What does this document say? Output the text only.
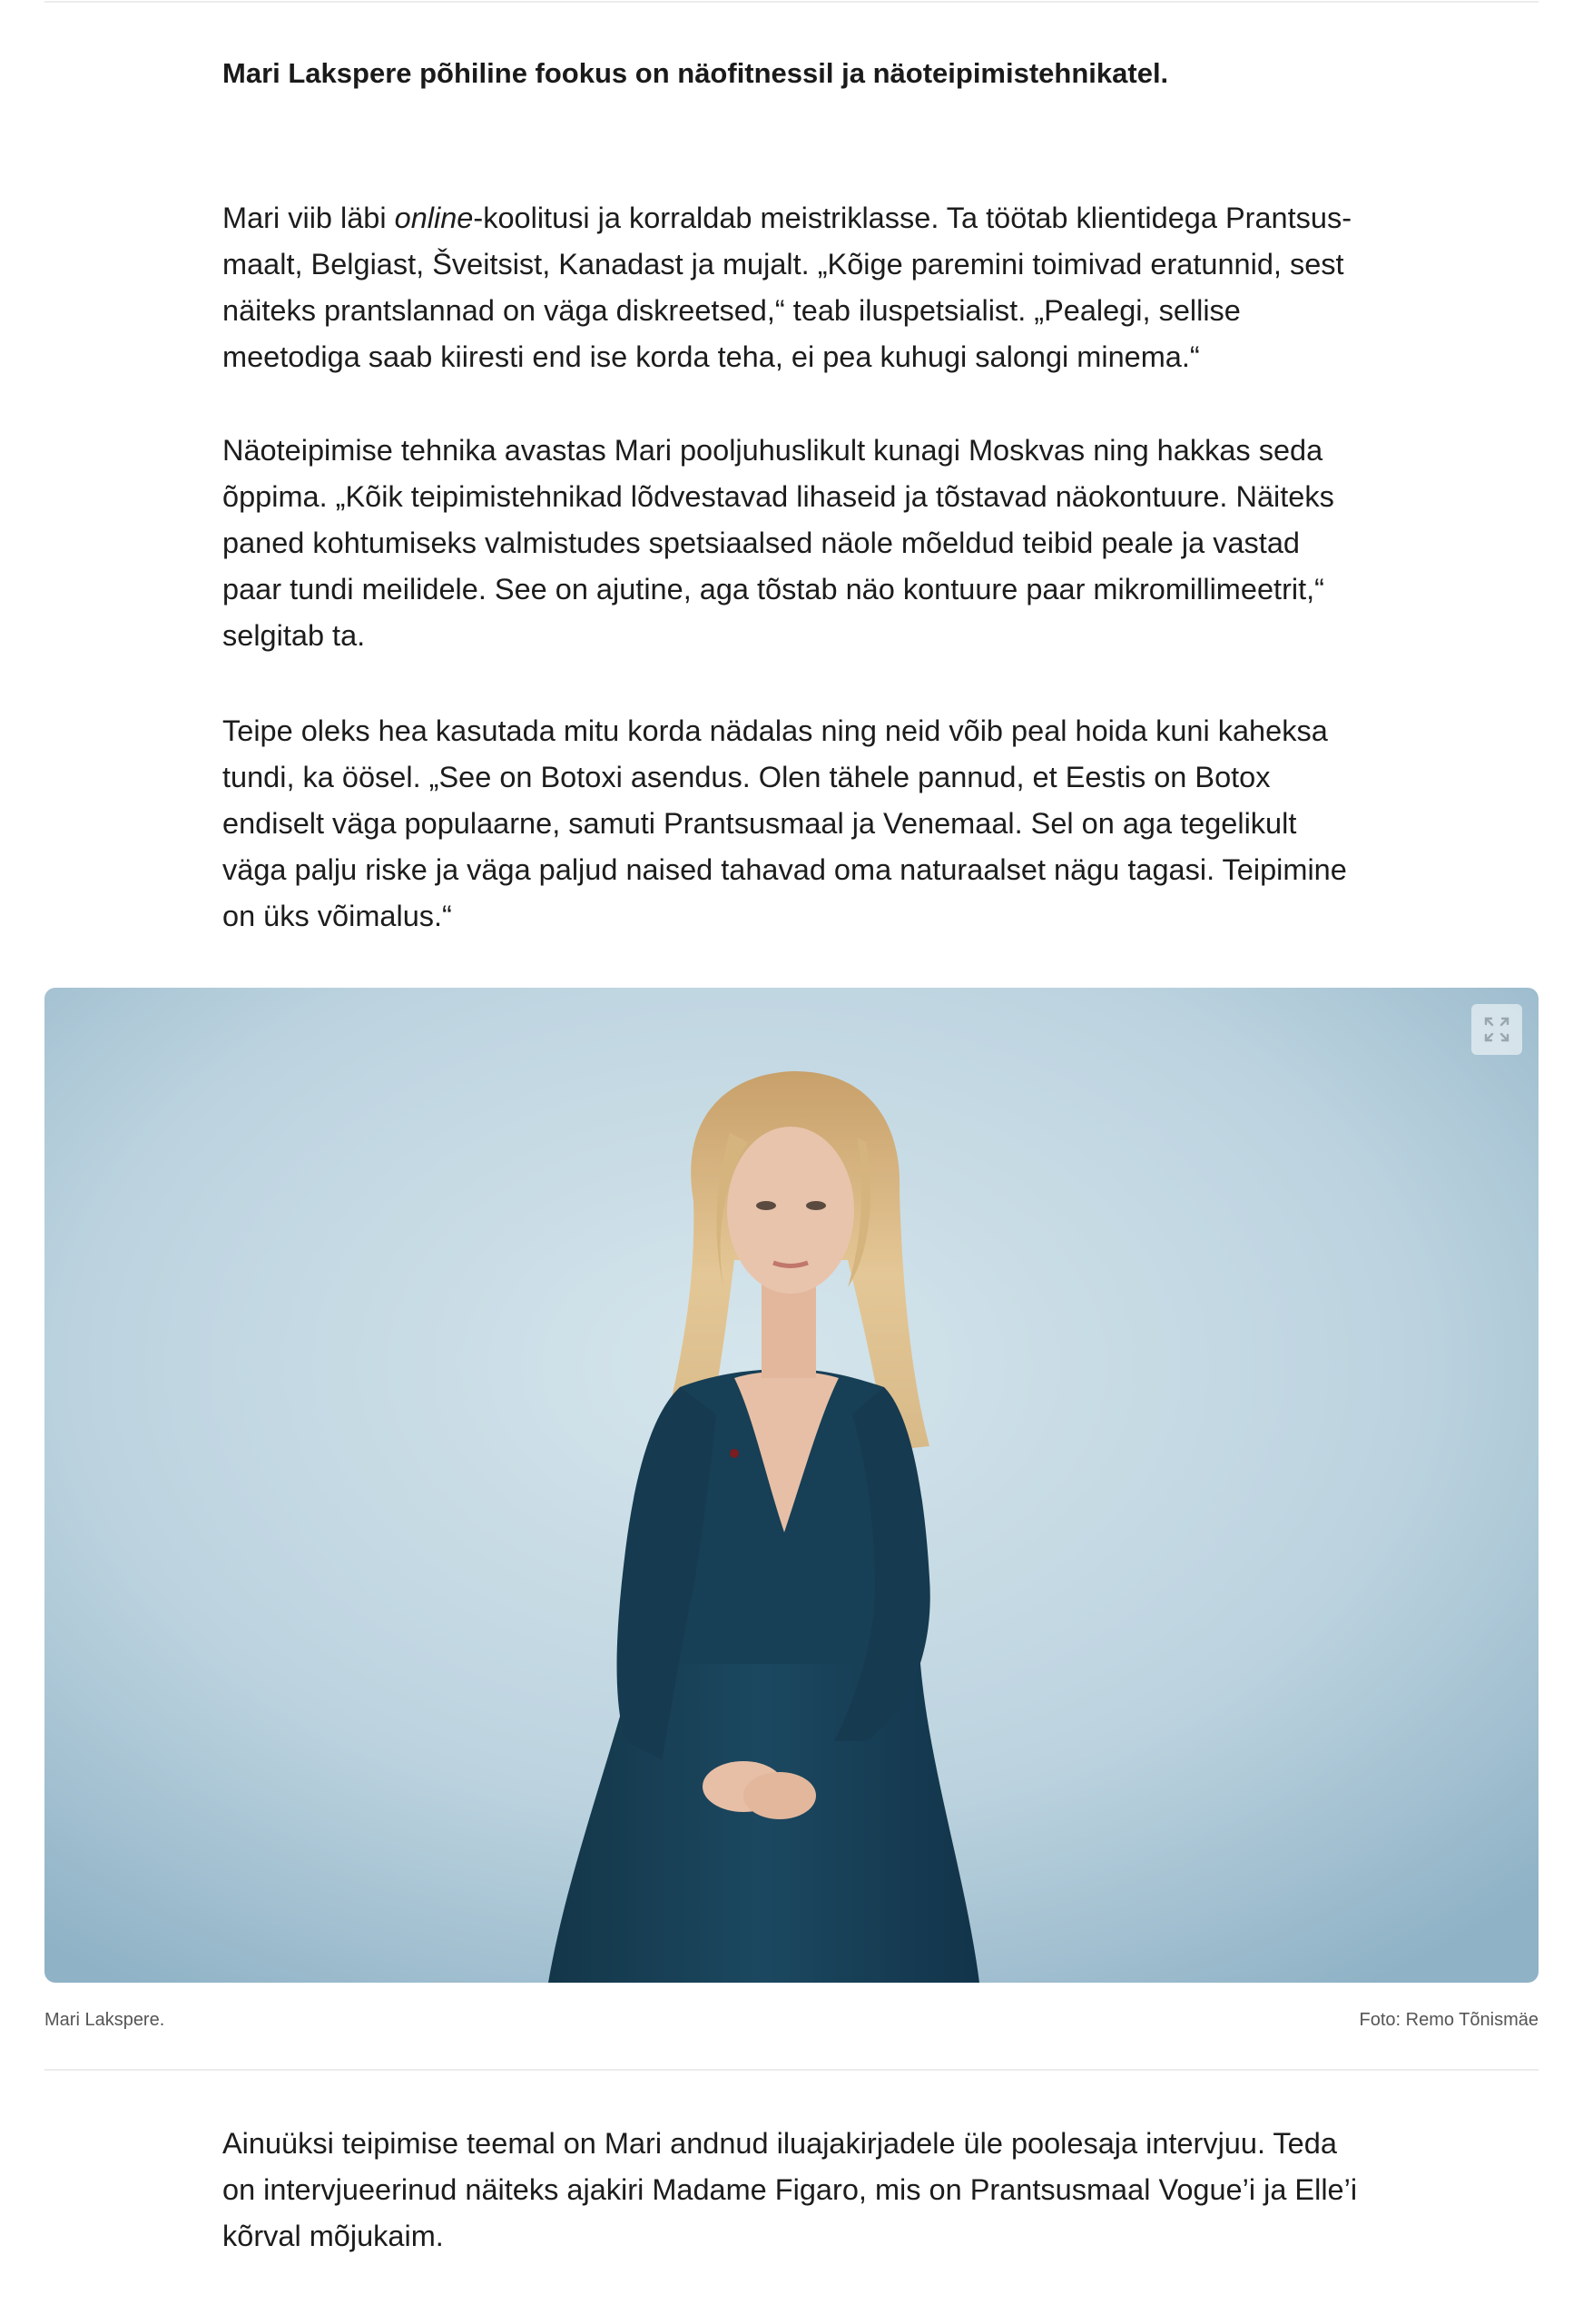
Mari Lakspere põhiline fookus on näofitnessil ja näoteipimistehnikatel.

Mari viib läbi online-koolitusi ja korraldab meistriklasse. Ta töötab klientidega Prantsusmaalt, Belgiast, Šveitsist, Kanadast ja mujalt. „Kõige paremini toimivad eratunnid, sest näiteks prantslannad on väga diskreetsed,“ teab iluspetsialist. „Pealegi, sellise meetodiga saab kiiresti end ise korda teha, ei pea kuhugi salongi minema.“

Näoteipimise tehnika avastas Mari pooljuhuslikult kunagi Moskvas ning hakkas seda õppima. „Kõik teipimistehnikad lõdvestavad lihaseid ja tõstavad näokontuure. Näiteks paned kohtumiseks valmistudes spetsiaalsed näole mõeldud teibid peale ja vastad paar tundi meilidele. See on ajutine, aga tõstab näo kontuure paar mikromillimeetrit,“ selgitab ta.

Teipe oleks hea kasutada mitu korda nädalas ning neid võib peal hoida kuni kaheksa tundi, ka öösel. „See on Botoxi asendus. Olen tähele pannud, et Eestis on Botox endiselt väga populaarne, samuti Prantsusmaal ja Venemaal. Sel on aga tegelikult väga palju riske ja väga paljud naised tahavad oma naturaalset nägu tagasi. Teipimine on üks võimalus.“

Mari Lakspere.	Foto: Remo Tõnismäe

Ainuüksi teipimise teemal on Mari andnud iluajakirjadele üle poolesaja intervjuu. Teda on intervjueerinud näiteks ajakiri Madame Figaro, mis on Prantsusmaal Vogue’i ja Elle’i kõrval mõjukaim.
